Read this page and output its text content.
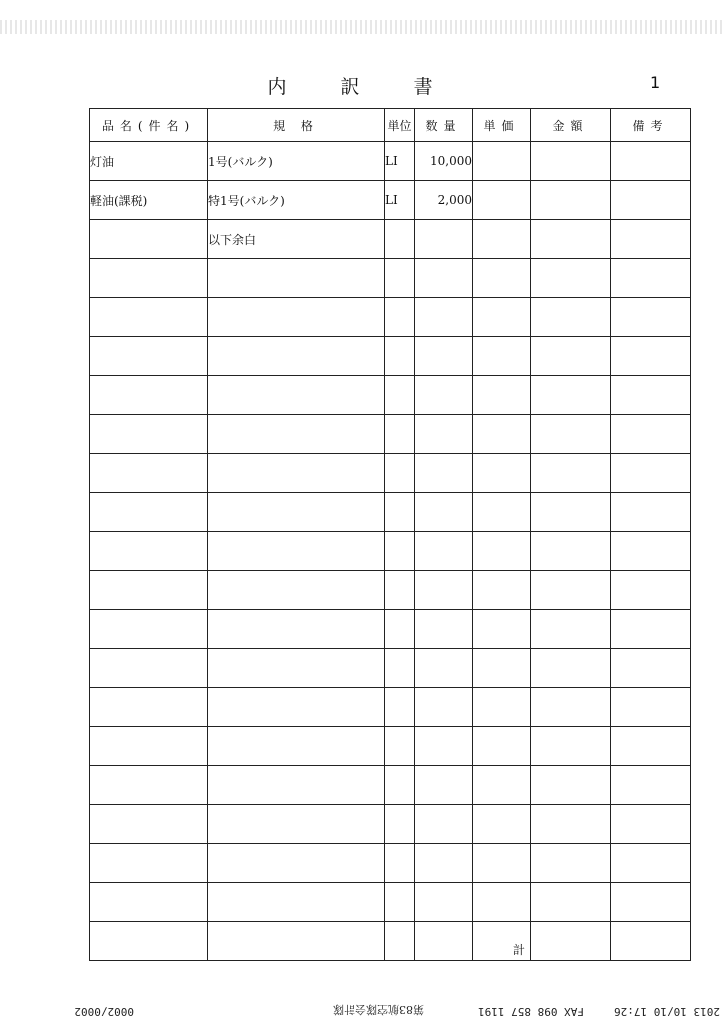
内 訳 書	1
品名(件名)	規 格	単位	数量	単価	金額	備考
灯油	1号(バルク)	LI	10,000			
軽油(課税)	特1号(バルク)	LI	2,000			
	以下余白					

				計		

2013 10/10 17:26
FAX 098 857 1191
第83航空隊会計隊
0002/0002
